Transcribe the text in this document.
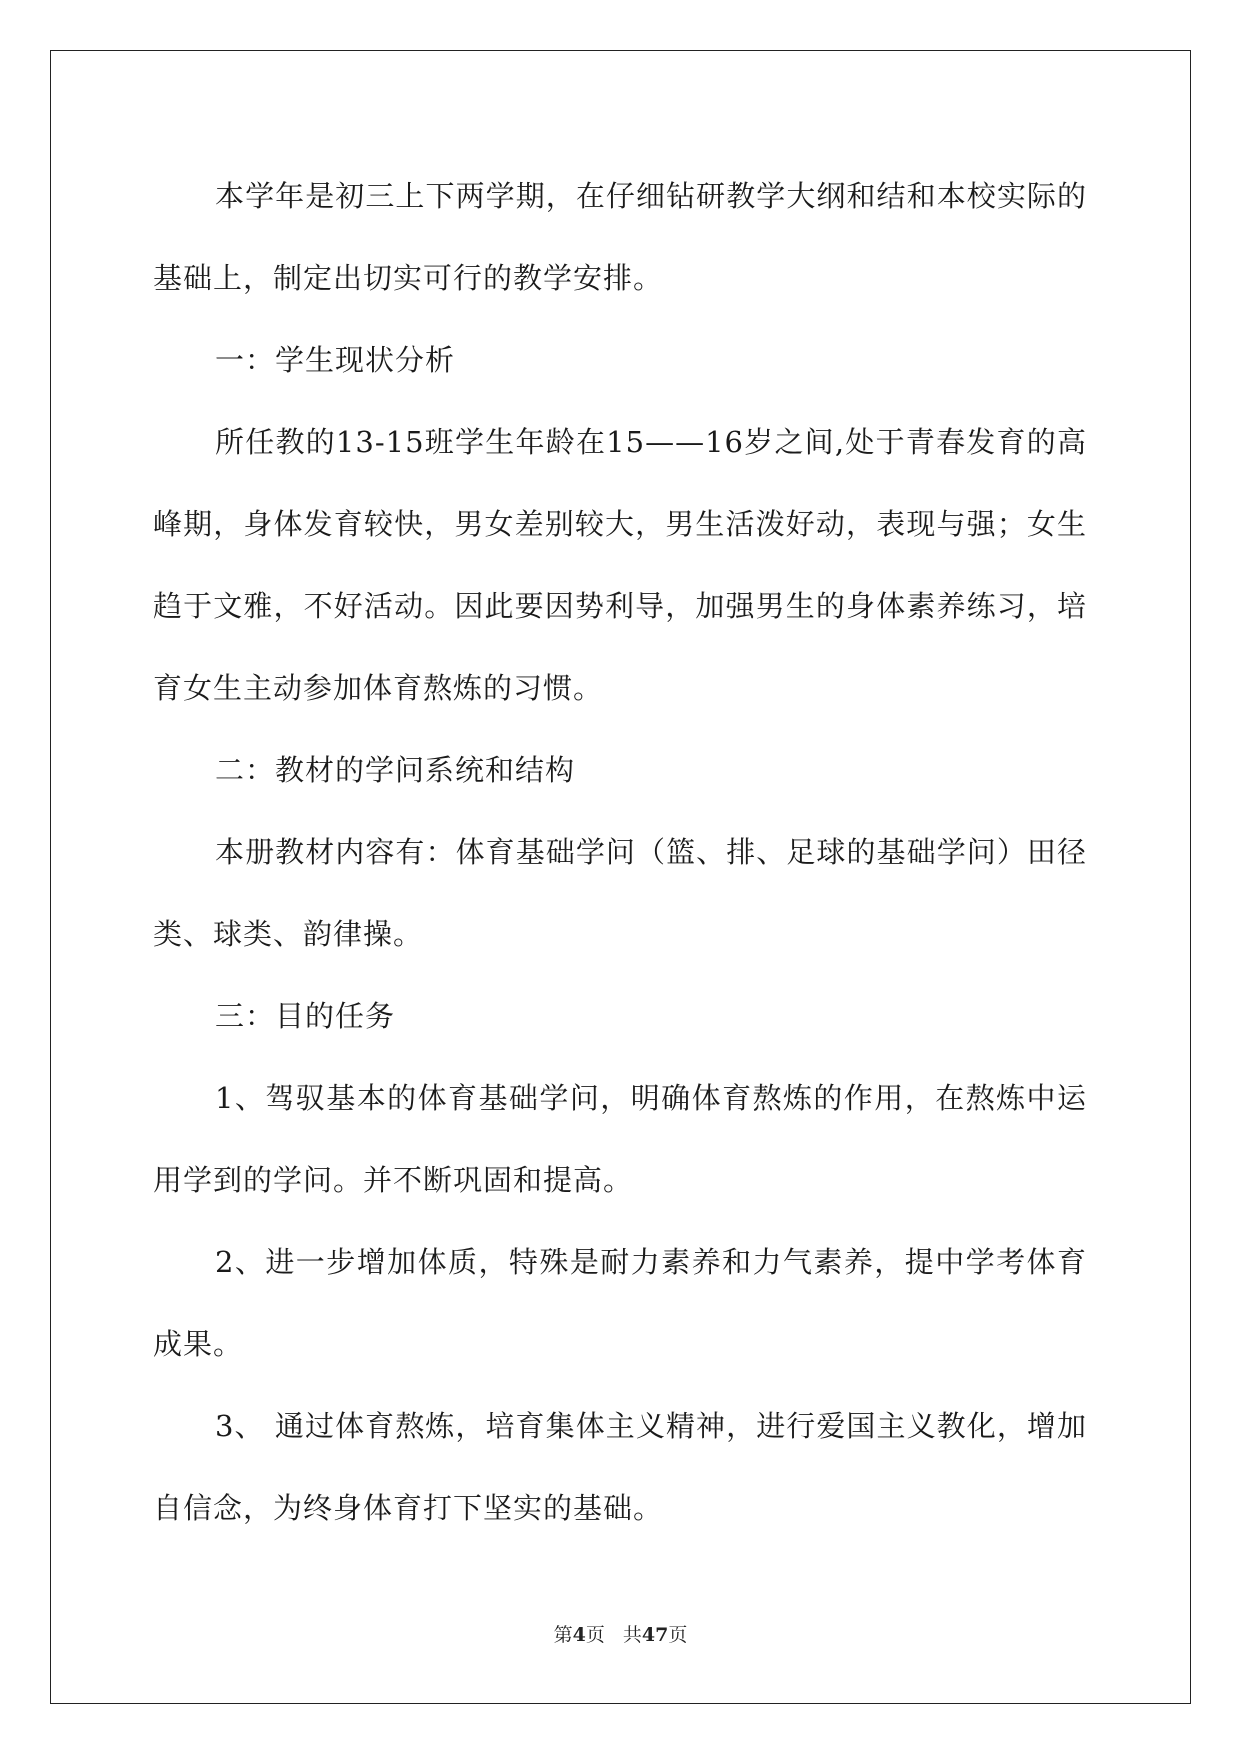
本学年是初三上下两学期，在仔细钻研教学大纲和结和本校实际的基础上，制定出切实可行的教学安排。

一：学生现状分析

所任教的13-15班学生年龄在15——16岁之间,处于青春发育的高峰期，身体发育较快，男女差别较大，男生活泼好动，表现与强；女生趋于文雅，不好活动。因此要因势利导，加强男生的身体素养练习，培育女生主动参加体育熬炼的习惯。

二：教材的学问系统和结构

本册教材内容有：体育基础学问（篮、排、足球的基础学问）田径类、球类、韵律操。

三：目的任务

1、驾驭基本的体育基础学问，明确体育熬炼的作用，在熬炼中运用学到的学问。并不断巩固和提高。

2、进一步增加体质，特殊是耐力素养和力气素养，提中学考体育成果。

3、 通过体育熬炼，培育集体主义精神，进行爱国主义教化，增加自信念，为终身体育打下坚实的基础。

第4页 共47页
